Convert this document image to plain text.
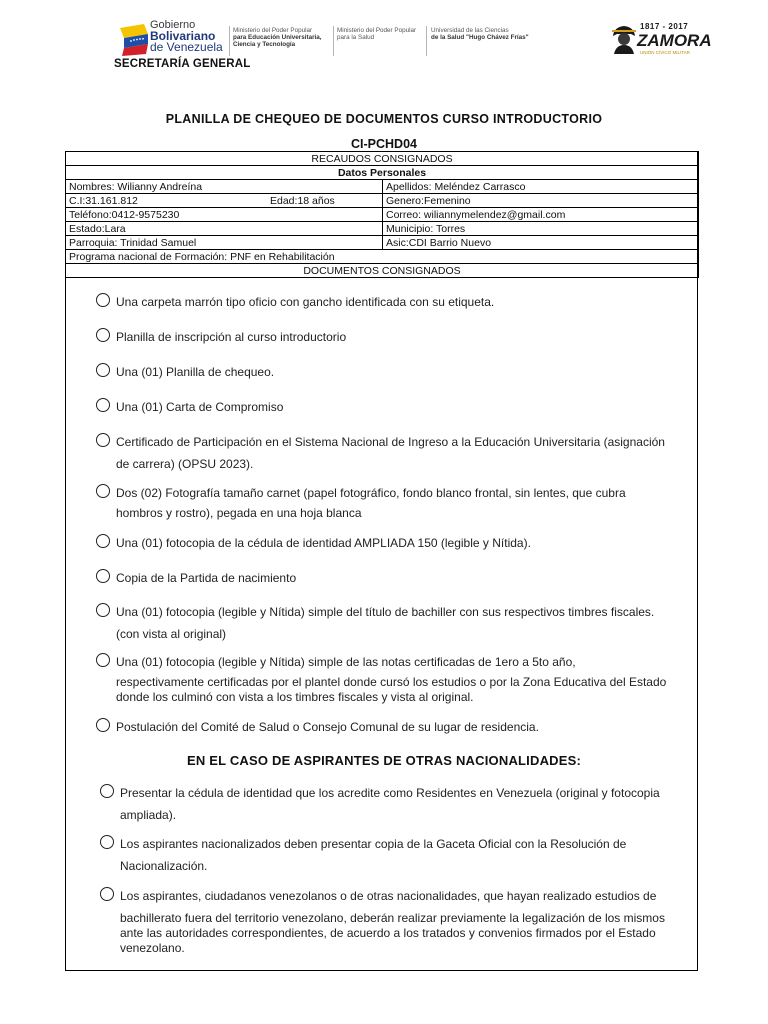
Gobierno
Bolivariano
de Venezuela
Ministerio del Poder Popular
para Educación Universitaria,
Ciencia y Tecnología
Ministerio del Poder Popular
para la Salud
Universidad de las Ciencias
de la Salud "Hugo Chávez Frías"
SECRETARÍA GENERAL
1817 - 2017
ZAMORA
UNIÓN CÍVICO MILITAR
PLANILLA DE CHEQUEO DE DOCUMENTOS CURSO INTRODUCTORIO
CI-PCHD04
RECAUDOS CONSIGNADOS	
Datos Personales	
Nombres: Wilianny Andreína	Apellidos: Meléndez Carrasco
C.I:31.161.812 Edad:18 años	Genero:Femenino
Teléfono:0412-9575230	Correo: wiliannymelendez@gmail.com
Estado:Lara	Municipio: Torres
Parroquia: Trinidad Samuel	Asic:CDI Barrio Nuevo
Programa nacional de Formación: PNF en Rehabilitación	
DOCUMENTOS CONSIGNADOS	
Una carpeta marrón tipo oficio con gancho identificada con su etiqueta.
Planilla de inscripción al curso introductorio
Una (01) Planilla de chequeo.
Una (01) Carta de Compromiso
Certificado de Participación en el Sistema Nacional de Ingreso a la Educación Universitaria (asignación
de carrera) (OPSU 2023).
Dos (02) Fotografía tamaño carnet (papel fotográfico, fondo blanco frontal, sin lentes, que cubra
hombros y rostro), pegada en una hoja blanca
Una (01) fotocopia de la cédula de identidad AMPLIADA 150 (legible y Nítida).
Copia de la Partida de nacimiento
Una (01) fotocopia (legible y Nítida) simple del título de bachiller con sus respectivos timbres fiscales.
(con vista al original)
Una (01) fotocopia (legible y Nítida) simple de las notas certificadas de 1ero a 5to año,
respectivamente certificadas por el plantel donde cursó los estudios o por la Zona Educativa del Estado
donde los culminó con vista a los timbres fiscales y vista al original.
Postulación del Comité de Salud o Consejo Comunal de su lugar de residencia.
EN EL CASO DE ASPIRANTES DE OTRAS NACIONALIDADES:
Presentar la cédula de identidad que los acredite como Residentes en Venezuela (original y fotocopia
ampliada).
Los aspirantes nacionalizados deben presentar copia de la Gaceta Oficial con la Resolución de
Nacionalización.
Los aspirantes, ciudadanos venezolanos o de otras nacionalidades, que hayan realizado estudios de
bachillerato fuera del territorio venezolano, deberán realizar previamente la legalización de los mismos
ante las autoridades correspondientes, de acuerdo a los tratados y convenios firmados por el Estado
venezolano.
